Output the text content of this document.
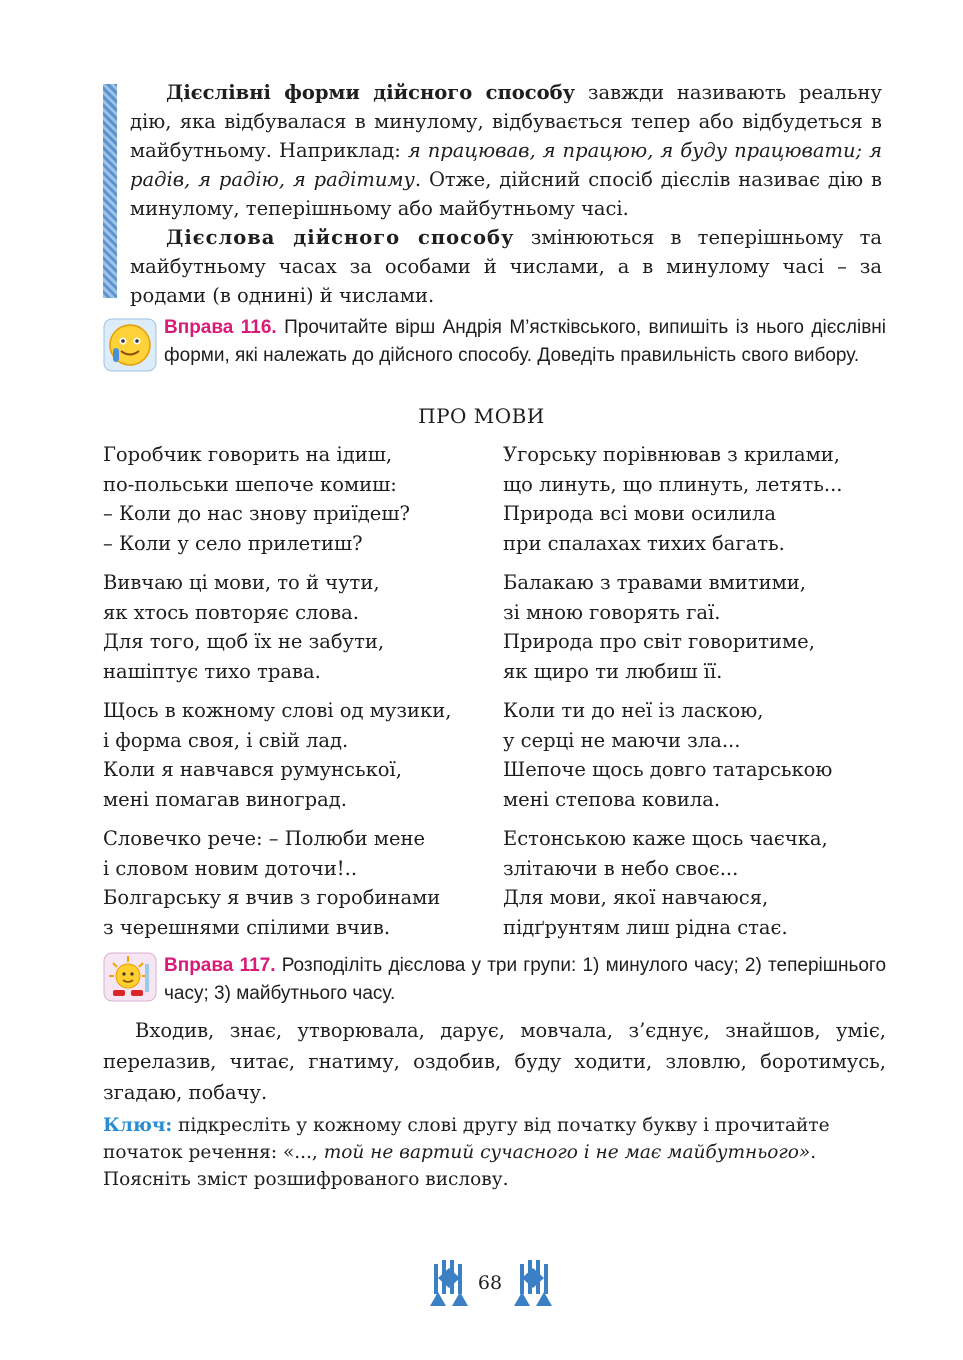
Дієслівні форми дійсного способу завжди називають реальну дію, яка відбувалася в минулому, відбувається тепер або відбудеться в майбутньому. Наприклад: я працював, я працюю, я буду працювати; я радів, я радію, я радітиму. Отже, дійсний спосіб дієслів називає дію в минулому, теперішньому або майбутньому часі.

Дієслова дійсного способу змінюються в теперішньому та майбутньому часах за особами й числами, а в минулому часі – за родами (в однині) й числами.

Вправа 116. Прочитайте вірш Андрія М’ястківського, випишіть із нього дієслівні форми, які належать до дійсного способу. Доведіть правильність свого вибору.
ПРО МОВИ
Горобчик говорить на ідиш,
по-польськи шепоче комиш:
– Коли до нас знову приїдеш?
– Коли у село прилетиш?
Вивчаю ці мови, то й чути,
як хтось повторяє слова.
Для того, щоб їх не забути,
нашіптує тихо трава.
Щось в кожному слові од музики,
і форма своя, і свій лад.
Коли я навчався румунської,
мені помагав виноград.
Словечко рече: – Полюби мене
і словом новим доточи!..
Болгарську я вчив з горобинами
з черешнями спілими вчив.
Угорську порівнював з крилами,
що линуть, що плинуть, летять...
Природа всі мови осилила
при спалахах тихих багать.
Балакаю з травами вмитими,
зі мною говорять гаї.
Природа про світ говоритиме,
як щиро ти любиш її.
Коли ти до неї із ласкою,
у серці не маючи зла...
Шепоче щось довго татарською
мені степова ковила.
Естонською каже щось чаєчка,
злітаючи в небо своє...
Для мови, якої навчаюся,
підґрунтям лиш рідна стає.
Вправа 117. Розподіліть дієслова у три групи: 1) минулого часу; 2) теперішнього часу; 3) майбутнього часу.
Входив, знає, утворювала, дарує, мовчала, з’єднує, знайшов, уміє, перелазив, читає, гнатиму, оздобив, буду ходити, зловлю, боротимусь, згадаю, побачу.
Ключ: підкресліть у кожному слові другу від початку букву і прочитайте початок речення: «..., той не вартий сучасного і не має майбутнього». Поясніть зміст розшифрованого вислову.
68
